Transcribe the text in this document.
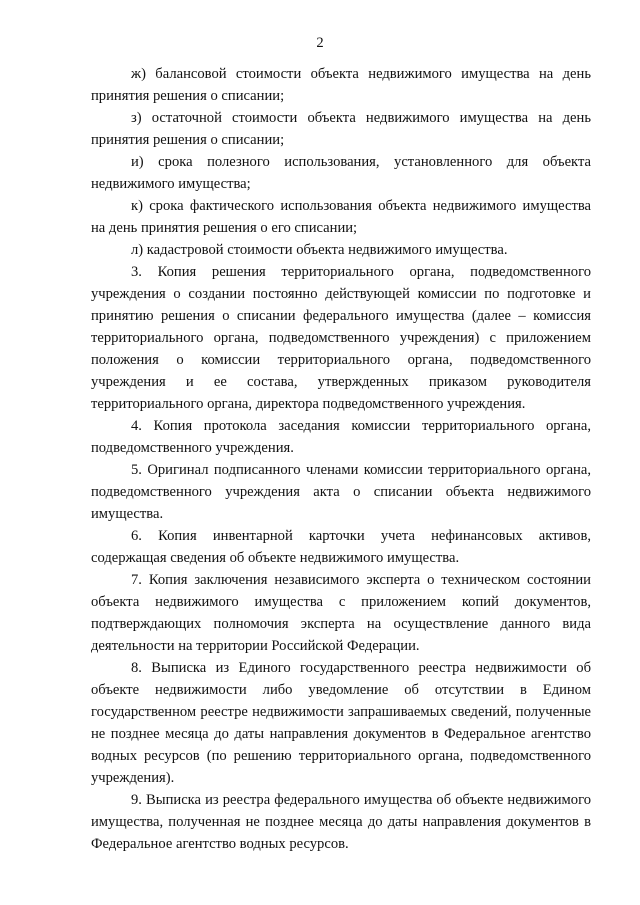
2

ж) балансовой стоимости объекта недвижимого имущества на день принятия решения о списании;

з) остаточной стоимости объекта недвижимого имущества на день принятия решения о списании;

и) срока полезного использования, установленного для объекта недвижимого имущества;

к) срока фактического использования объекта недвижимого имущества на день принятия решения о его списании;

л) кадастровой стоимости объекта недвижимого имущества.

3. Копия решения территориального органа, подведомственного учреждения о создании постоянно действующей комиссии по подготовке и принятию решения о списании федерального имущества (далее – комиссия территориального органа, подведомственного учреждения) с приложением положения о комиссии территориального органа, подведомственного учреждения и ее состава, утвержденных приказом руководителя территориального органа, директора подведомственного учреждения.

4. Копия протокола заседания комиссии территориального органа, подведомственного учреждения.

5. Оригинал подписанного членами комиссии территориального органа, подведомственного учреждения акта о списании объекта недвижимого имущества.

6. Копия инвентарной карточки учета нефинансовых активов, содержащая сведения об объекте недвижимого имущества.

7. Копия заключения независимого эксперта о техническом состоянии объекта недвижимого имущества с приложением копий документов, подтверждающих полномочия эксперта на осуществление данного вида деятельности на территории Российской Федерации.

8. Выписка из Единого государственного реестра недвижимости об объекте недвижимости либо уведомление об отсутствии в Едином государственном реестре недвижимости запрашиваемых сведений, полученные не позднее месяца до даты направления документов в Федеральное агентство водных ресурсов (по решению территориального органа, подведомственного учреждения).

9. Выписка из реестра федерального имущества об объекте недвижимого имущества, полученная не позднее месяца до даты направления документов в Федеральное агентство водных ресурсов.
